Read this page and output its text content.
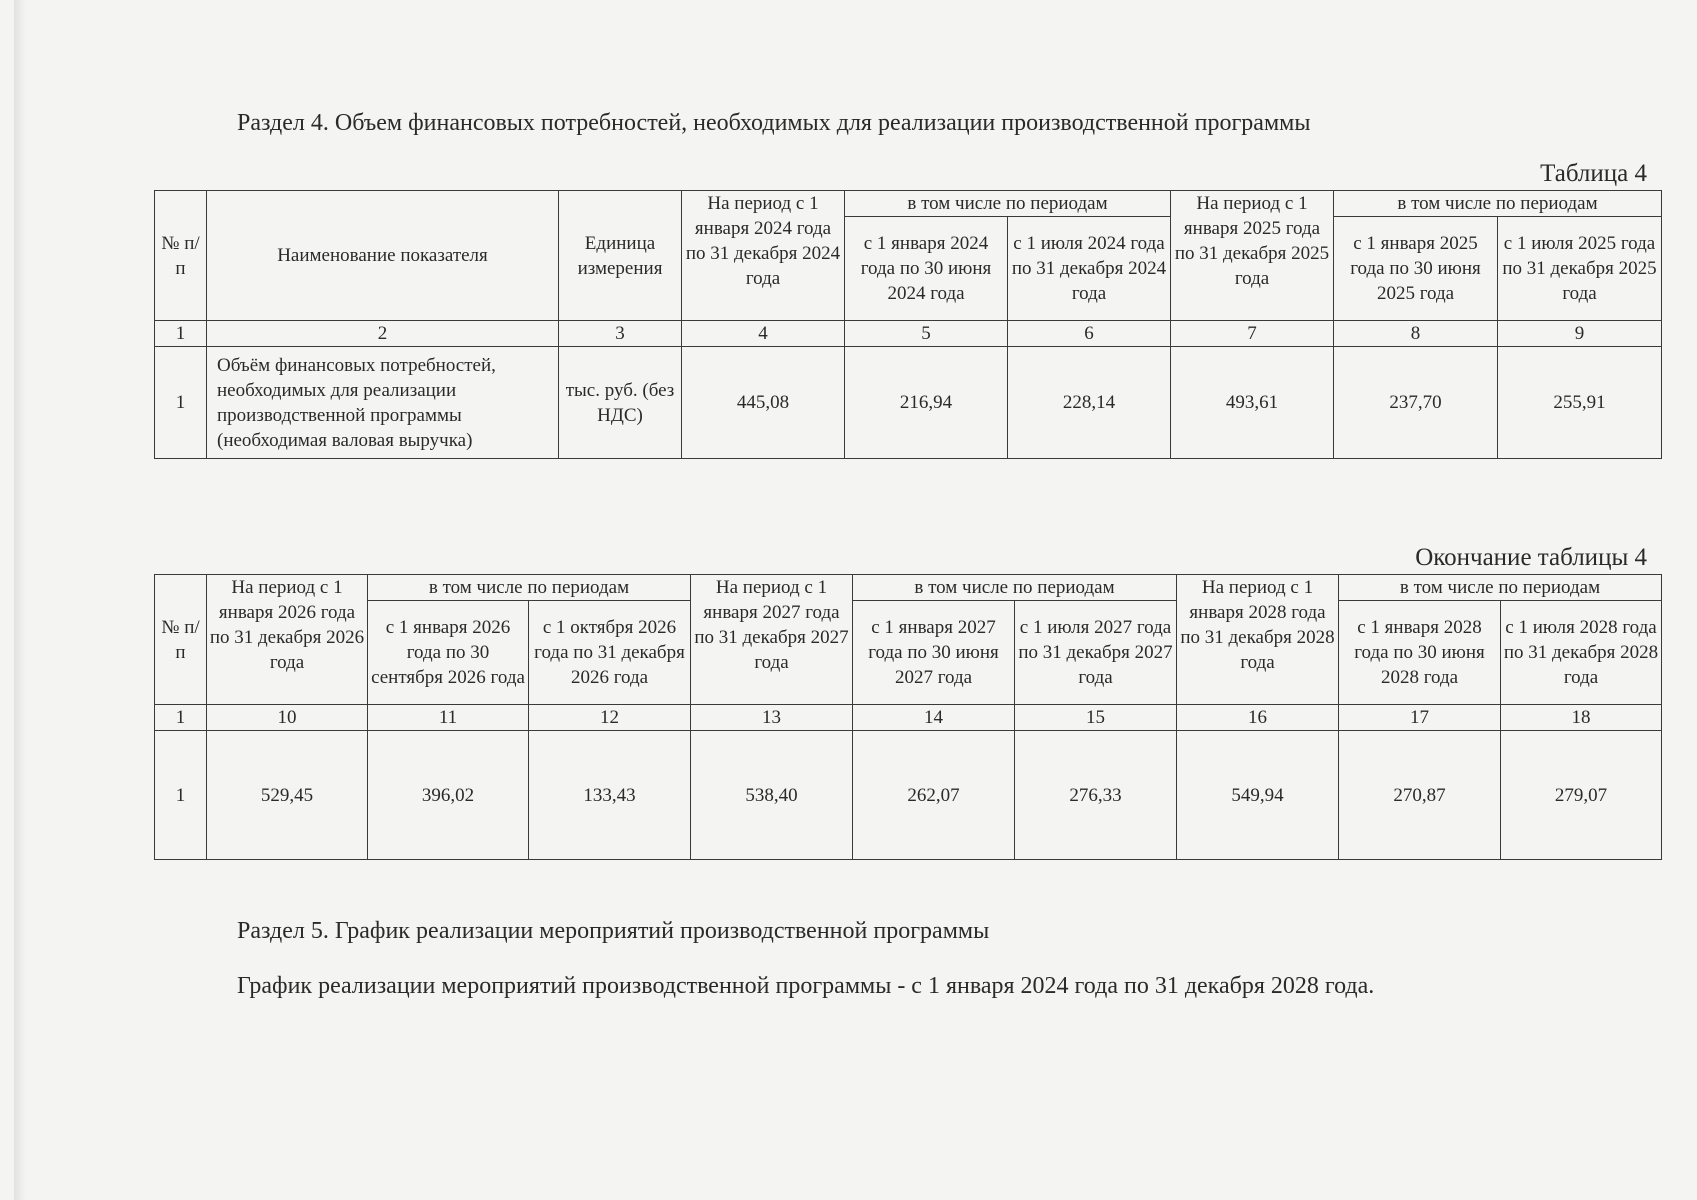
Раздел 4. Объем финансовых потребностей, необходимых для реализации производственной программы
Таблица 4
№ п/п	Наименование показателя	Единица измерения	На период с 1 января 2024 года по 31 декабря 2024 года	в том числе по периодам		На период с 1 января 2025 года по 31 декабря 2025 года	в том числе по периодам	
				с 1 января 2024 года по 30 июня 2024 года	с 1 июля 2024 года по 31 декабря 2024 года		с 1 января 2025 года по 30 июня 2025 года	с 1 июля 2025 года по 31 декабря 2025 года
1	2	3	4	5	6	7	8	9
1	Объём финансовых потребностей, необходимых для реализации производственной программы (необходимая валовая выручка)	тыс. руб. (без НДС)	445,08	216,94	228,14	493,61	237,70	255,91
Окончание таблицы 4
№ п/п	На период с 1 января 2026 года по 31 декабря 2026 года	в том числе по периодам		На период с 1 января 2027 года по 31 декабря 2027 года	в том числе по периодам		На период с 1 января 2028 года по 31 декабря 2028 года	в том числе по периодам	
		с 1 января 2026 года по 30 сентября 2026 года	с 1 октября 2026 года по 31 декабря 2026 года		с 1 января 2027 года по 30 июня 2027 года	с 1 июля 2027 года по 31 декабря 2027 года		с 1 января 2028 года по 30 июня 2028 года	с 1 июля 2028 года по 31 декабря 2028 года
1	10	11	12	13	14	15	16	17	18
1	529,45	396,02	133,43	538,40	262,07	276,33	549,94	270,87	279,07
Раздел 5. График реализации мероприятий производственной программы
График реализации мероприятий производственной программы - с 1 января 2024 года по 31 декабря 2028 года.
